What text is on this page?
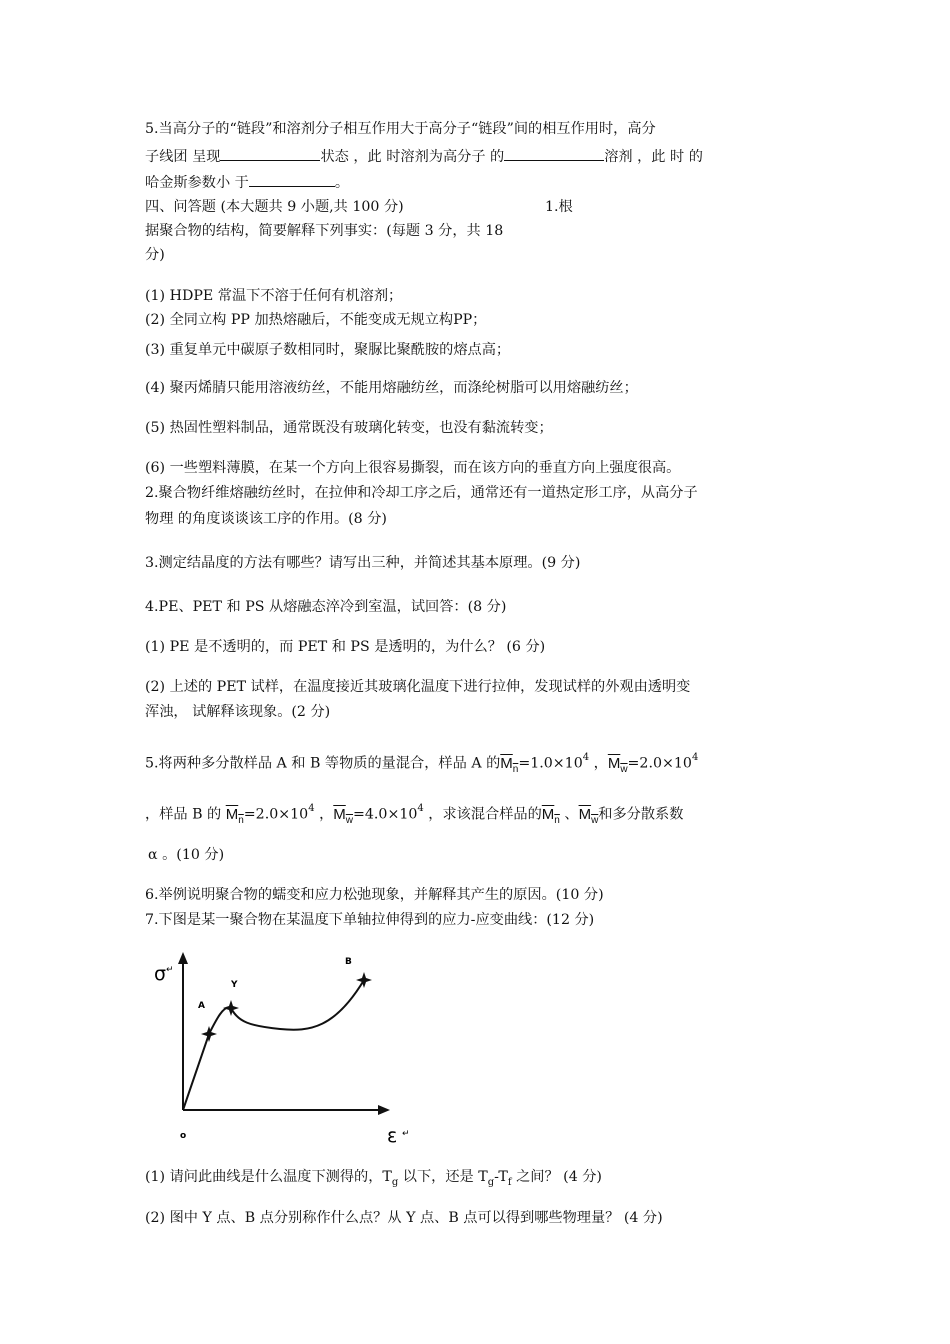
5.当高分子的“链段”和溶剂分子相互作用大于高分子“链段”间的相互作用时，高分
子线团 呈现	状态 ，此 时溶剂为高分子 的	溶剂 ，此 时 的
哈金斯参数小 于	。
四、问答题 (本大题共 9 小题,共 100 分)	1.根
据聚合物的结构，简要解释下列事实：(每题 3 分，共 18
分)
(1) HDPE 常温下不溶于任何有机溶剂；
(2) 全同立构 PP 加热熔融后，不能变成无规立构PP；
(3) 重复单元中碳原子数相同时，聚脲比聚酰胺的熔点高；
(4) 聚丙烯腈只能用溶液纺丝，不能用熔融纺丝，而涤纶树脂可以用熔融纺丝；
(5) 热固性塑料制品，通常既没有玻璃化转变，也没有黏流转变；
(6) 一些塑料薄膜，在某一个方向上很容易撕裂，而在该方向的垂直方向上强度很高。
2.聚合物纤维熔融纺丝时，在拉伸和冷却工序之后，通常还有一道热定形工序，从高分子
物理 的角度谈谈该工序的作用。(8 分)
3.测定结晶度的方法有哪些？请写出三种，并简述其基本原理。(9 分)
4.PE、PET 和 PS 从熔融态淬冷到室温，试回答：(8 分)
(1) PE 是不透明的，而 PET 和 PS 是透明的，为什么？ (6 分)
(2) 上述的 PET 试样，在温度接近其玻璃化温度下进行拉伸，发现试样的外观由透明变
浑浊， 试解释该现象。(2 分)
5.将两种多分散样品 A 和 B 等物质的量混合，样品 A 的$M_n=1.0\times 10^4$ ，$M_w=2.0\times 10^4$
，样品 B 的 $M_n=2.0\times 10^4$ ，$M_w=4.0\times 10^4$ ，求该混合样品的$M_n$ 、$M_w$和多分散系数
α 。(10 分)
6.举例说明聚合物的蠕变和应力松弛现象，并解释其产生的原因。(10 分)
7.下图是某一聚合物在某温度下单轴拉伸得到的应力-应变曲线：(12 分)
σ ↵
ε ↵
o
A
Y
B
(1) 请问此曲线是什么温度下测得的，$T_g$ 以下，还是 $T_g-T_f$ 之间？ (4 分)
(2) 图中 Y 点、B 点分别称作什么点？从 Y 点、B 点可以得到哪些物理量？ (4 分)
